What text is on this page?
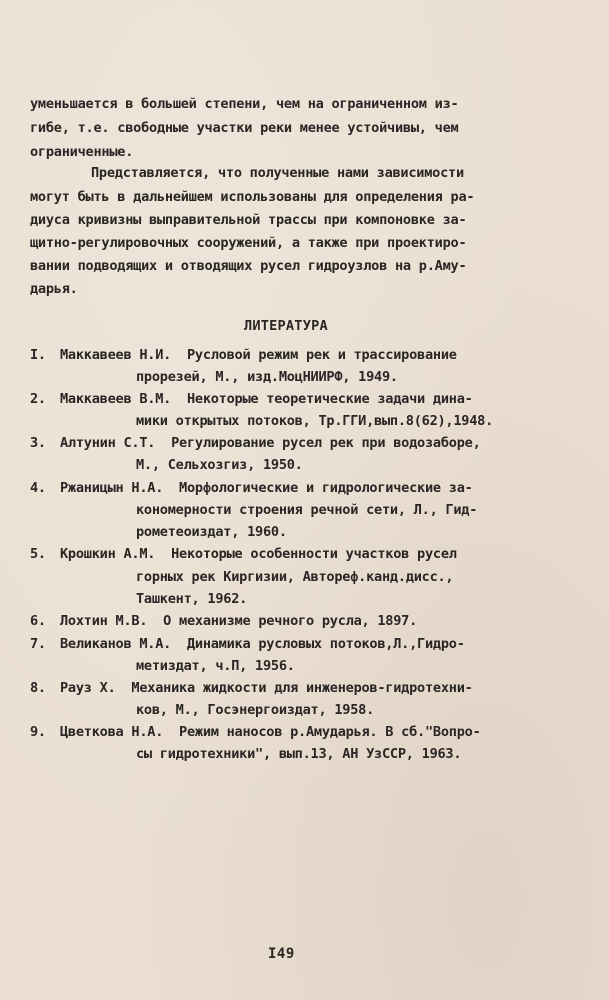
уменьшается в большей степени, чем на ограниченном из-
гибе, т.е. свободные участки реки менее устойчивы, чем
ограниченные.
Представляется, что полученные нами зависимости
могут быть в дальнейшем использованы для определения ра-
диуса кривизны выправительной трассы при компоновке за-
щитно-регулировочных сооружений, а также при проектиро-
вании подводящих и отводящих русел гидроузлов на р.Аму-
дарья.
ЛИТЕРАТУРА
I. Маккавеев Н.И.  Русловой режим рек и трассирование
прорезей, М., изд.МоцНИИРФ, 1949.
2. Маккавеев В.М.  Некоторые теоретические задачи дина-
мики открытых потоков, Тр.ГГИ,вып.8(62),1948.
3. Алтунин С.Т.  Регулирование русел рек при водозаборе,
М., Сельхозгиз, 1950.
4. Ржаницын Н.А.  Морфологические и гидрологические за-
кономерности строения речной сети, Л., Гид-
рометеоиздат, 1960.
5. Крошкин А.М.  Некоторые особенности участков русел
горных рек Киргизии, Автореф.канд.дисс.,
Ташкент, 1962.
6. Лохтин М.В.  О механизме речного русла, 1897.
7. Великанов М.А.  Динамика русловых потоков,Л.,Гидро-
метиздат, ч.П, 1956.
8. Рауз Х.  Механика жидкости для инженеров-гидротехни-
ков, М., Госэнергоиздат, 1958.
9. Цветкова Н.А.  Режим наносов р.Амударья. В сб."Вопро-
сы гидротехники", вып.13, АН УзССР, 1963.
I49
